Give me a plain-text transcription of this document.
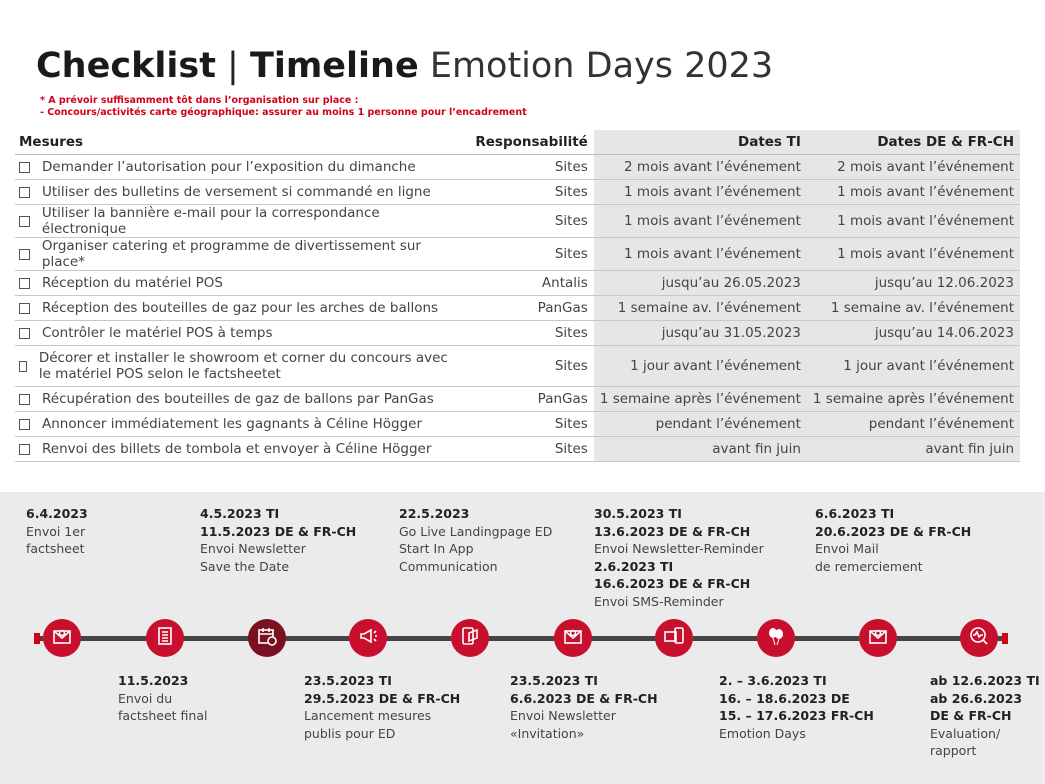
Checklist | Timeline Emotion Days 2023
* A prévoir suffisamment tôt dans l’organisation sur place :
- Concours/activités carte géographique: assurer au moins 1 personne pour l’encadrement
Mesures	Responsabilité	Dates TI	Dates DE & FR-CH

Demander l’autorisation pour l’exposition du dimanche	Sites	2 mois avant l’événement	2 mois avant l’événement

Utiliser des bulletins de versement si commandé en ligne	Sites	1 mois avant l’événement	1 mois avant l’événement

Utiliser la bannière e-mail pour la correspondance électronique	Sites	1 mois avant l’événement	1 mois avant l’événement

Organiser catering et programme de divertissement sur place*	Sites	1 mois avant l’événement	1 mois avant l’événement

Réception du matériel POS	Antalis	jusqu’au 26.05.2023	jusqu’au 12.06.2023

Réception des bouteilles de gaz pour les arches de ballons	PanGas	1 semaine av. l’événement	1 semaine av. l’événement

Contrôler le matériel POS à temps	Sites	jusqu’au 31.05.2023	jusqu’au 14.06.2023

Décorer et installer le showroom et corner du concours avec le matériel POS selon le factsheetet	Sites	1 jour avant l’événement	1 jour avant l’événement

Récupération des bouteilles de gaz de ballons par PanGas	PanGas	1 semaine après l’événement	1 semaine après l’événement

Annoncer immédiatement les gagnants à Céline Högger	Sites	pendant l’événement	pendant l’événement

Renvoi des billets de tombola et envoyer à Céline Högger	Sites	avant fin juin	avant fin juin
6.4.2023
Envoi 1er
factsheet
4.5.2023 TI
11.5.2023 DE & FR-CH
Envoi Newsletter
Save the Date
22.5.2023
Go Live Landingpage ED
Start In App
Communication
30.5.2023 TI
13.6.2023 DE & FR-CH
Envoi Newsletter-Reminder
2.6.2023 TI
16.6.2023 DE & FR-CH
Envoi SMS-Reminder
6.6.2023 TI
20.6.2023 DE & FR-CH
Envoi Mail
de remerciement
11.5.2023
Envoi du
factsheet final
23.5.2023 TI
29.5.2023 DE & FR-CH
Lancement mesures
publis pour ED
23.5.2023 TI
6.6.2023 DE & FR-CH
Envoi Newsletter
«Invitation»
2. – 3.6.2023 TI
16. – 18.6.2023 DE
15. – 17.6.2023 FR-CH
Emotion Days
ab 12.6.2023 TI
ab 26.6.2023
DE & FR-CH
Evaluation/
rapport
